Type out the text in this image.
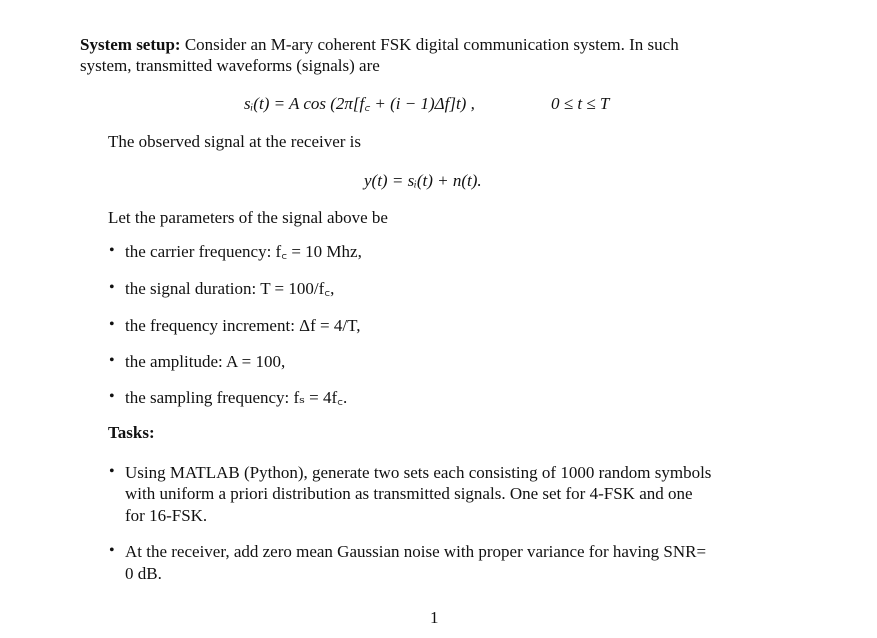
System setup: Consider an M-ary coherent FSK digital communication system. In such
system, transmitted waveforms (signals) are
sᵢ(t) = A cos (2π[f꜀ + (i − 1)Δf]t) ,	0 ≤ t ≤ T
The observed signal at the receiver is
y(t) = sᵢ(t) + n(t).
Let the parameters of the signal above be
• the carrier frequency: f꜀ = 10 Mhz,
• the signal duration: T = 100/f꜀,
• the frequency increment: Δf = 4/T,
• the amplitude: A = 100,
• the sampling frequency: fₛ = 4f꜀.
Tasks:
• Using MATLAB (Python), generate two sets each consisting of 1000 random symbols
with uniform a priori distribution as transmitted signals. One set for 4-FSK and one
for 16-FSK.
• At the receiver, add zero mean Gaussian noise with proper variance for having SNR=
0 dB.
1
